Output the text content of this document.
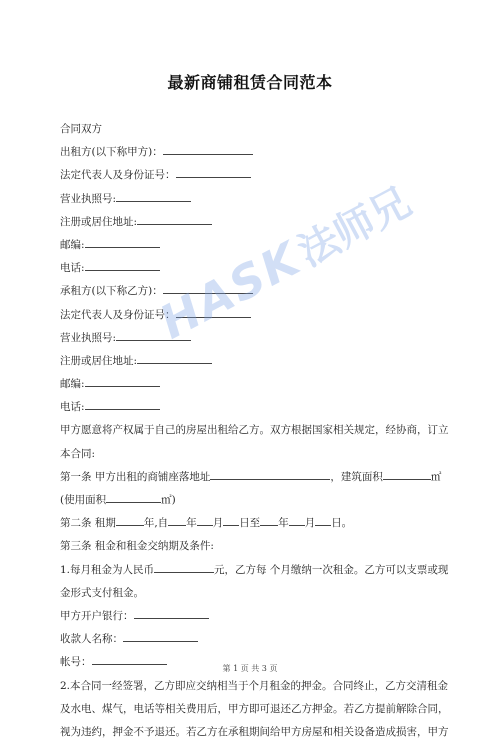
最新商铺租赁合同范本
合同双方
出租方(以下称甲方)：
法定代表人及身份证号：
营业执照号:
注册或居住地址:
邮编:
电话:
承租方(以下称乙方)：
法定代表人及身份证号：
营业执照号:
注册或居住地址:
邮编:
电话:
甲方愿意将产权属于自己的房屋出租给乙方。双方根据国家相关规定，经协商，订立
本合同:
第一条 甲方出租的商铺座落地址	，建筑面积	㎡
(使用面积	㎡)
第二条 租期	年,自 年 月 日至 年 月 日。
第三条 租金和租金交纳期及条件:
1.每月租金为人民币	元，乙方每 个月缴纳一次租金。乙方可以支票或现
金形式支付租金。
甲方开户银行：
收款人名称：
帐号：
2.本合同一经签署，乙方即应交纳相当于个月租金的押金。合同终止，乙方交清租金
及水电、煤气，电话等相关费用后，甲方即可退还乙方押金。若乙方提前解除合同，
视为违约，押金不予退还。若乙方在承租期间给甲方房屋和相关设备造成损害，甲方
HASK法师兄
第 1 页 共 3 页
